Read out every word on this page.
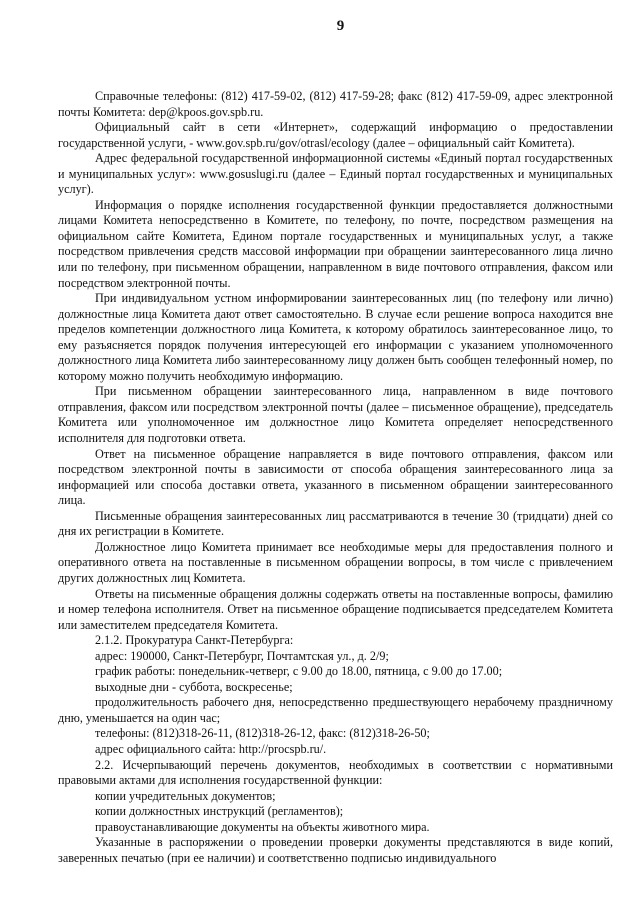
9

Справочные телефоны: (812) 417-59-02, (812) 417-59-28; факс (812) 417-59-09, адрес электронной почты Комитета: dep@kpoos.gov.spb.ru.

Официальный сайт в сети «Интернет», содержащий информацию о предоставлении государственной услуги, - www.gov.spb.ru/gov/otrasl/ecology (далее – официальный сайт Комитета).

Адрес федеральной государственной информационной системы «Единый портал государственных и муниципальных услуг»: www.gosuslugi.ru (далее – Единый портал государственных и муниципальных услуг).

Информация о порядке исполнения государственной функции предоставляется должностными лицами Комитета непосредственно в Комитете, по телефону, по почте, посредством размещения на официальном сайте Комитета, Едином портале государственных и муниципальных услуг, а также посредством привлечения средств массовой информации при обращении заинтересованного лица лично или по телефону, при письменном обращении, направленном в виде почтового отправления, факсом или посредством электронной почты.

При индивидуальном устном информировании заинтересованных лиц (по телефону или лично) должностные лица Комитета дают ответ самостоятельно. В случае если решение вопроса находится вне пределов компетенции должностного лица Комитета, к которому обратилось заинтересованное лицо, то ему разъясняется порядок получения интересующей его информации с указанием уполномоченного должностного лица Комитета либо заинтересованному лицу должен быть сообщен телефонный номер, по которому можно получить необходимую информацию.

При письменном обращении заинтересованного лица, направленном в виде почтового отправления, факсом или посредством электронной почты (далее – письменное обращение), председатель Комитета или уполномоченное им должностное лицо Комитета определяет непосредственного исполнителя для подготовки ответа.

Ответ на письменное обращение направляется в виде почтового отправления, факсом или посредством электронной почты в зависимости от способа обращения заинтересованного лица за информацией или способа доставки ответа, указанного в письменном обращении заинтересованного лица.

Письменные обращения заинтересованных лиц рассматриваются в течение 30 (тридцати) дней со дня их регистрации в Комитете.

Должностное лицо Комитета принимает все необходимые меры для предоставления полного и оперативного ответа на поставленные в письменном обращении вопросы, в том числе с привлечением других должностных лиц Комитета.

Ответы на письменные обращения должны содержать ответы на поставленные вопросы, фамилию и номер телефона исполнителя. Ответ на письменное обращение подписывается председателем Комитета или заместителем председателя Комитета.

2.1.2. Прокуратура Санкт-Петербурга:

адрес: 190000, Санкт-Петербург, Почтамтская ул., д. 2/9;

график работы: понедельник-четверг, с 9.00 до 18.00, пятница, с 9.00 до 17.00;

выходные дни - суббота, воскресенье;

продолжительность рабочего дня, непосредственно предшествующего нерабочему праздничному дню, уменьшается на один час;

телефоны: (812)318-26-11, (812)318-26-12, факс: (812)318-26-50;

адрес официального сайта: http://procspb.ru/.

2.2. Исчерпывающий перечень документов, необходимых в соответствии с нормативными правовыми актами для исполнения государственной функции:

копии учредительных документов;

копии должностных инструкций (регламентов);

правоустанавливающие документы на объекты животного мира.

Указанные в распоряжении о проведении проверки документы представляются в виде копий, заверенных печатью (при ее наличии) и соответственно подписью индивидуального
